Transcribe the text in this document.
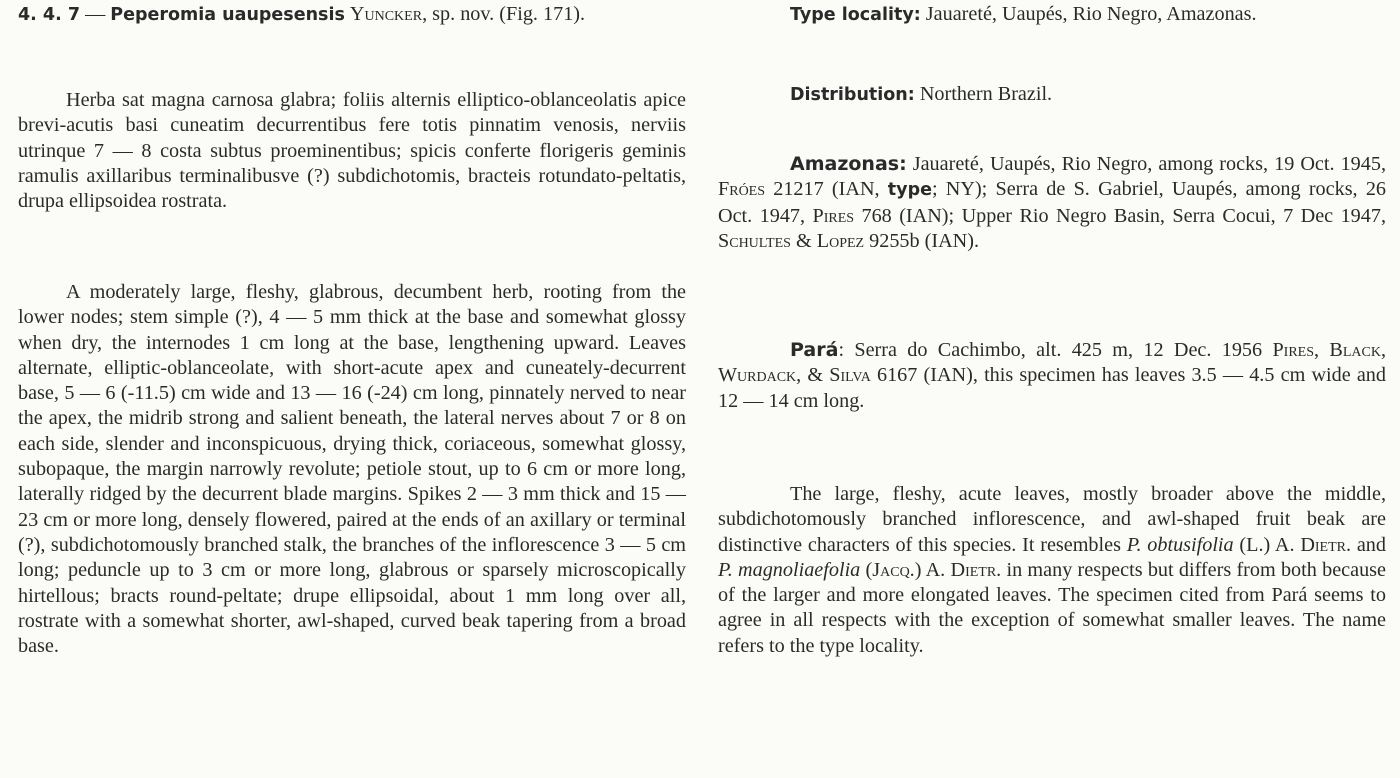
4. 4. 7 — Peperomia uaupesensis Yuncker, sp. nov. (Fig. 171).

Herba sat magna carnosa glabra; foliis alternis elliptico-oblanceolatis apice brevi-acutis basi cuneatim decurrentibus fere totis pinnatim venosis, nerviis utrinque 7 — 8 costa subtus proeminentibus; spicis conferte florigeris geminis ramulis axillaribus terminalibusve (?) subdichotomis, bracteis rotundato-peltatis, drupa ellipsoidea rostrata.

A moderately large, fleshy, glabrous, decumbent herb, rooting from the lower nodes; stem simple (?), 4 — 5 mm thick at the base and somewhat glossy when dry, the internodes 1 cm long at the base, lengthening upward. Leaves alternate, elliptic-oblanceolate, with short-acute apex and cuneately-decurrent base, 5 — 6 (-11.5) cm wide and 13 — 16 (-24) cm long, pinnately nerved to near the apex, the midrib strong and salient beneath, the lateral nerves about 7 or 8 on each side, slender and inconspicuous, drying thick, coriaceous, somewhat glossy, subopaque, the margin narrowly revolute; petiole stout, up to 6 cm or more long, laterally ridged by the decurrent blade margins. Spikes 2 — 3 mm thick and 15 — 23 cm or more long, densely flowered, paired at the ends of an axillary or terminal (?), subdichotomously branched stalk, the branches of the inflorescence 3 — 5 cm long; peduncle up to 3 cm or more long, glabrous or sparsely microscopically hirtellous; bracts round-peltate; drupe ellipsoidal, about 1 mm long over all, rostrate with a somewhat shorter, awl-shaped, curved beak tapering from a broad base.

Type locality: Jauareté, Uaupés, Rio Negro, Amazonas.

Distribution: Northern Brazil.

Amazonas: Jauareté, Uaupés, Rio Negro, among rocks, 19 Oct. 1945, Fróes 21217 (IAN, type; NY); Serra de S. Gabriel, Uaupés, among rocks, 26 Oct. 1947, Pires 768 (IAN); Upper Rio Negro Basin, Serra Cocui, 7 Dec 1947, Schultes & Lopez 9255b (IAN).

Pará: Serra do Cachimbo, alt. 425 m, 12 Dec. 1956 Pires, Black, Wurdack, & Silva 6167 (IAN), this specimen has leaves 3.5 — 4.5 cm wide and 12 — 14 cm long.

The large, fleshy, acute leaves, mostly broader above the middle, subdichotomously branched inflorescence, and awl-shaped fruit beak are distinctive characters of this species. It resembles P. obtusifolia (L.) A. Dietr. and P. magnoliaefolia (Jacq.) A. Dietr. in many respects but differs from both because of the larger and more elongated leaves. The specimen cited from Pará seems to agree in all respects with the exception of somewhat smaller leaves. The name refers to the type locality.
